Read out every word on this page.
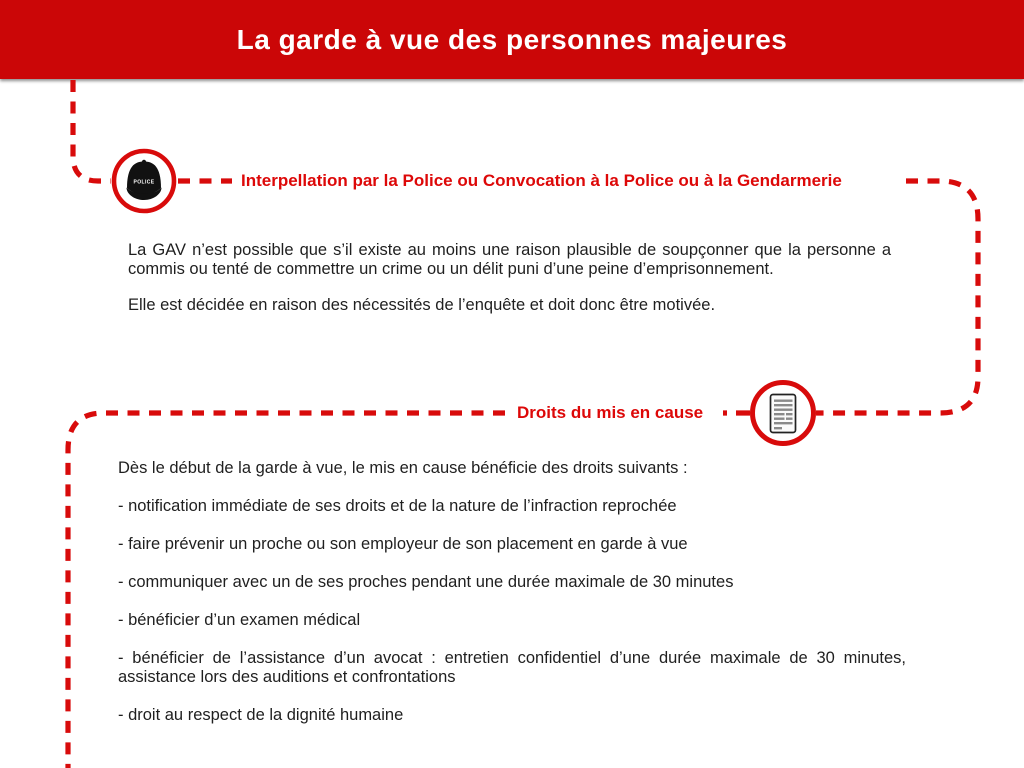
La garde à vue des personnes majeures
POLICE	Interpellation par la Police ou Convocation à la Police ou à la Gendarmerie

La GAV n’est possible que s’il existe au moins une raison plausible de soupçonner que la personne a commis ou tenté de commettre un crime ou un délit puni d’une peine d’emprisonnement.

Elle est décidée en raison des nécessités de l’enquête et doit donc être motivée.

Droits du mis en cause

Dès le début de la garde à vue, le mis en cause bénéficie des droits suivants :

- notification immédiate de ses droits et de la nature de l’infraction reprochée

- faire prévenir un proche ou son employeur de son placement en garde à vue

- communiquer avec un de ses proches pendant une durée maximale de 30 minutes

- bénéficier d’un examen médical

- bénéficier de l’assistance d’un avocat : entretien confidentiel d’une durée maximale de 30 minutes, assistance lors des auditions et confrontations

- droit au respect de la dignité humaine
